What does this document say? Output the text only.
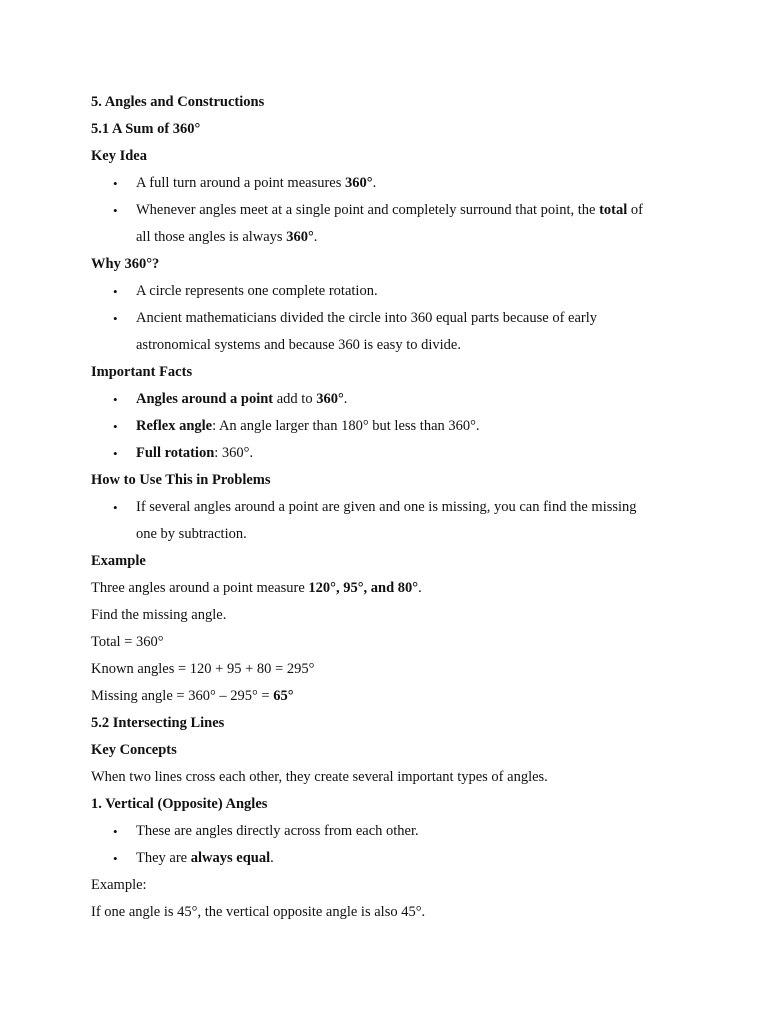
5. Angles and Constructions
5.1 A Sum of 360°
Key Idea
• A full turn around a point measures 360°.
• Whenever angles meet at a single point and completely surround that point, the total of
all those angles is always 360°.
Why 360°?
• A circle represents one complete rotation.
• Ancient mathematicians divided the circle into 360 equal parts because of early
astronomical systems and because 360 is easy to divide.
Important Facts
• Angles around a point add to 360°.
• Reflex angle: An angle larger than 180° but less than 360°.
• Full rotation: 360°.
How to Use This in Problems
• If several angles around a point are given and one is missing, you can find the missing
one by subtraction.
Example
Three angles around a point measure 120°, 95°, and 80°.
Find the missing angle.
Total = 360°
Known angles = 120 + 95 + 80 = 295°
Missing angle = 360° – 295° = 65°
5.2 Intersecting Lines
Key Concepts
When two lines cross each other, they create several important types of angles.
1. Vertical (Opposite) Angles
• These are angles directly across from each other.
• They are always equal.
Example:
If one angle is 45°, the vertical opposite angle is also 45°.
